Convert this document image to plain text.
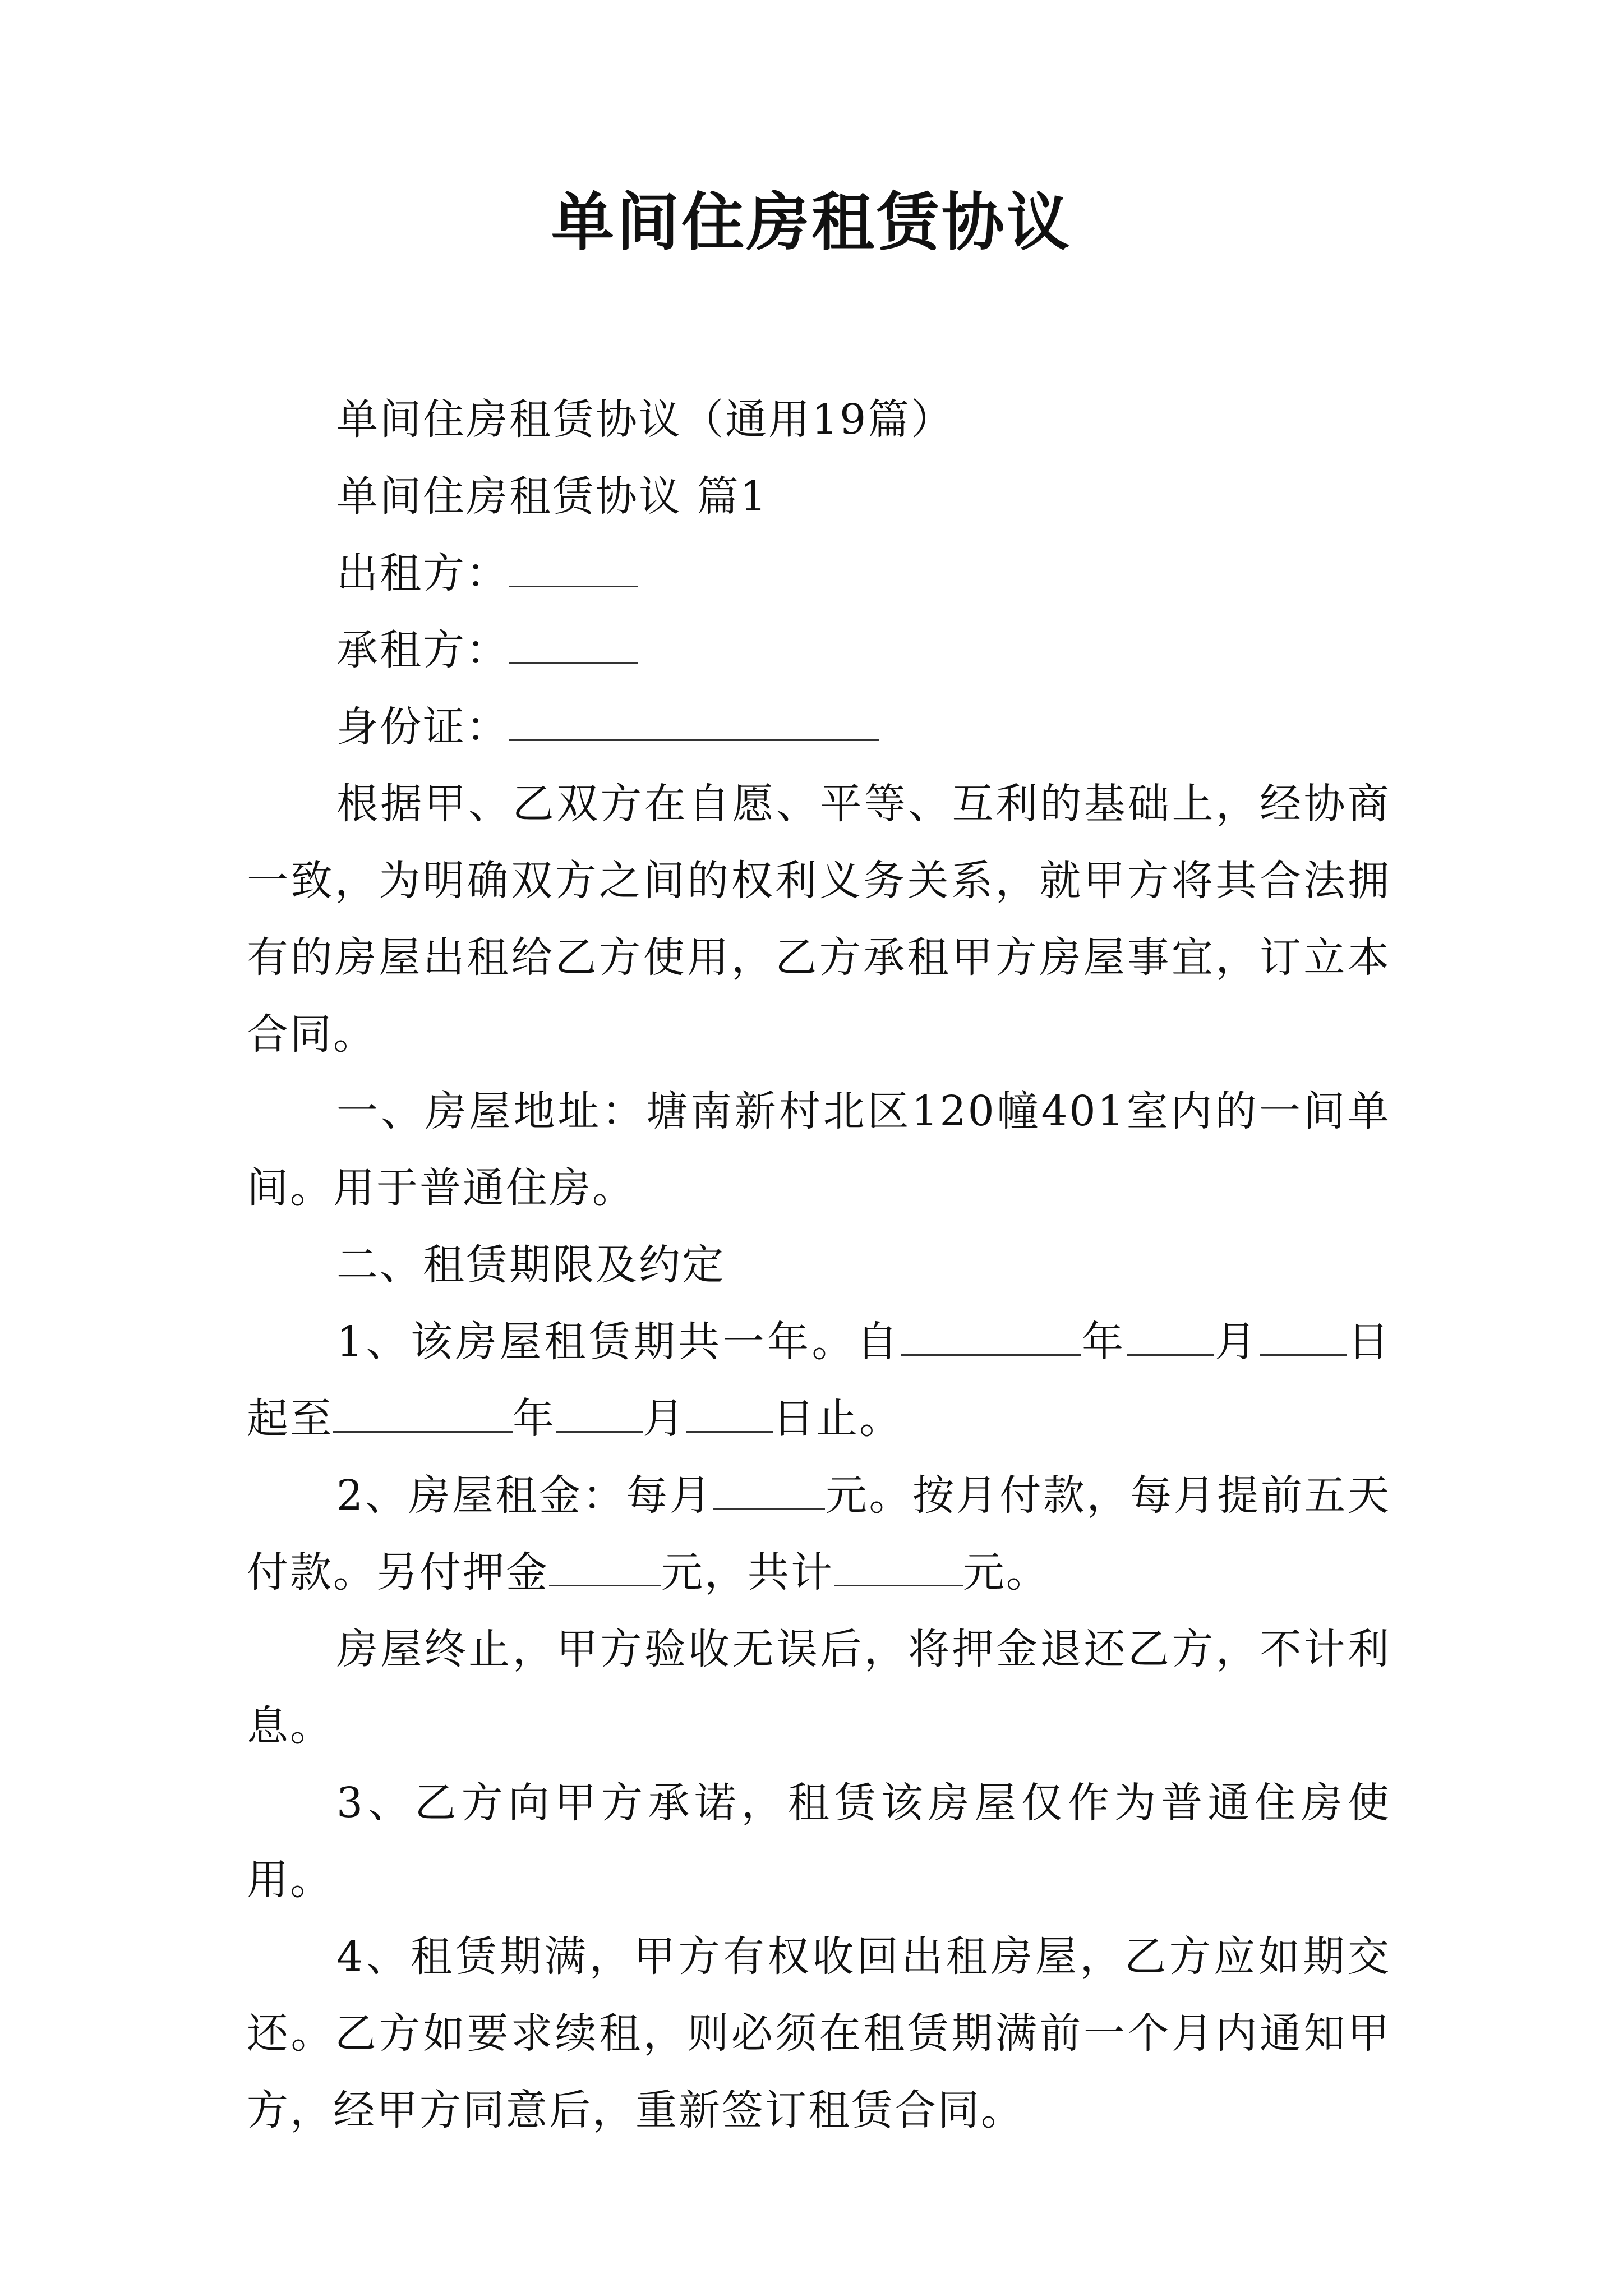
单间住房租赁协议

单间住房租赁协议（通用19篇）

单间住房租赁协议 篇1

出租方：

承租方：

身份证：

根据甲、乙双方在自愿、平等、互利的基础上，经协商一致，为明确双方之间的权利义务关系，就甲方将其合法拥有的房屋出租给乙方使用，乙方承租甲方房屋事宜，订立本合同。

一、房屋地址：塘南新村北区120幢401室内的一间单间。用于普通住房。

二、租赁期限及约定

1、该房屋租赁期共一年。自	年 月 日起至	年 月 日止。

2、房屋租金：每月	元。按月付款，每月提前五天付款。另付押金	元，共计	元。

房屋终止，甲方验收无误后，将押金退还乙方，不计利息。

3、乙方向甲方承诺，租赁该房屋仅作为普通住房使用。

4、租赁期满，甲方有权收回出租房屋，乙方应如期交还。乙方如要求续租，则必须在租赁期满前一个月内通知甲方，经甲方同意后，重新签订租赁合同。
